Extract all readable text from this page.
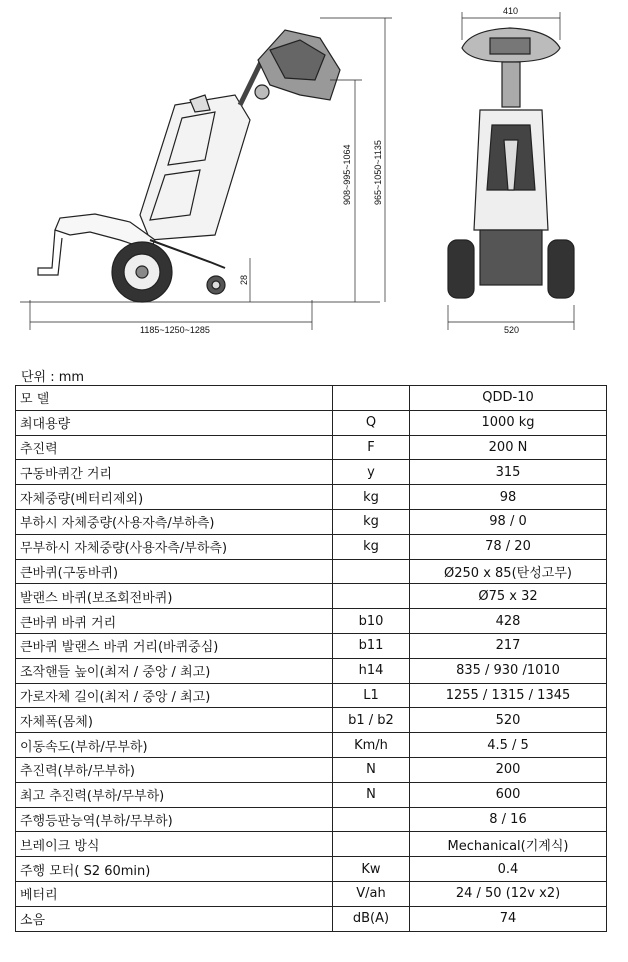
1185~1250~1285
908~995~1064 965~1050~1135
28
410
520
단위 : mm
모 델		QDD-10
최대용량	Q	1000 kg
추진력	F	200 N
구동바퀴간 거리	y	315
자체중량(베터리제외)	kg	98
부하시 자체중량(사용자측/부하측)	kg	98 / 0
무부하시 자체중량(사용자측/부하측)	kg	78 / 20
큰바퀴(구동바퀴)		Ø250 x 85(탄성고무)
발랜스 바퀴(보조회전바퀴)		Ø75 x 32
큰바퀴 바퀴 거리	b10	428
큰바퀴 발랜스 바퀴 거리(바퀴중심)	b11	217
조작핸들 높이(최저 / 중앙 / 최고)	h14	835 / 930 /1010
가로자체 길이(최저 / 중앙 / 최고)	L1	1255 / 1315 / 1345
자체폭(몸체)	b1 / b2	520
이동속도(부하/무부하)	Km/h	4.5 / 5
추진력(부하/무부하)	N	200
최고 추진력(부하/무부하)	N	600
주행등판능역(부하/무부하)		8 / 16
브레이크 방식		Mechanical(기계식)
주행 모터( S2 60min)	Kw	0.4
베터리	V/ah	24 / 50 (12v x2)
소음	dB(A)	74
